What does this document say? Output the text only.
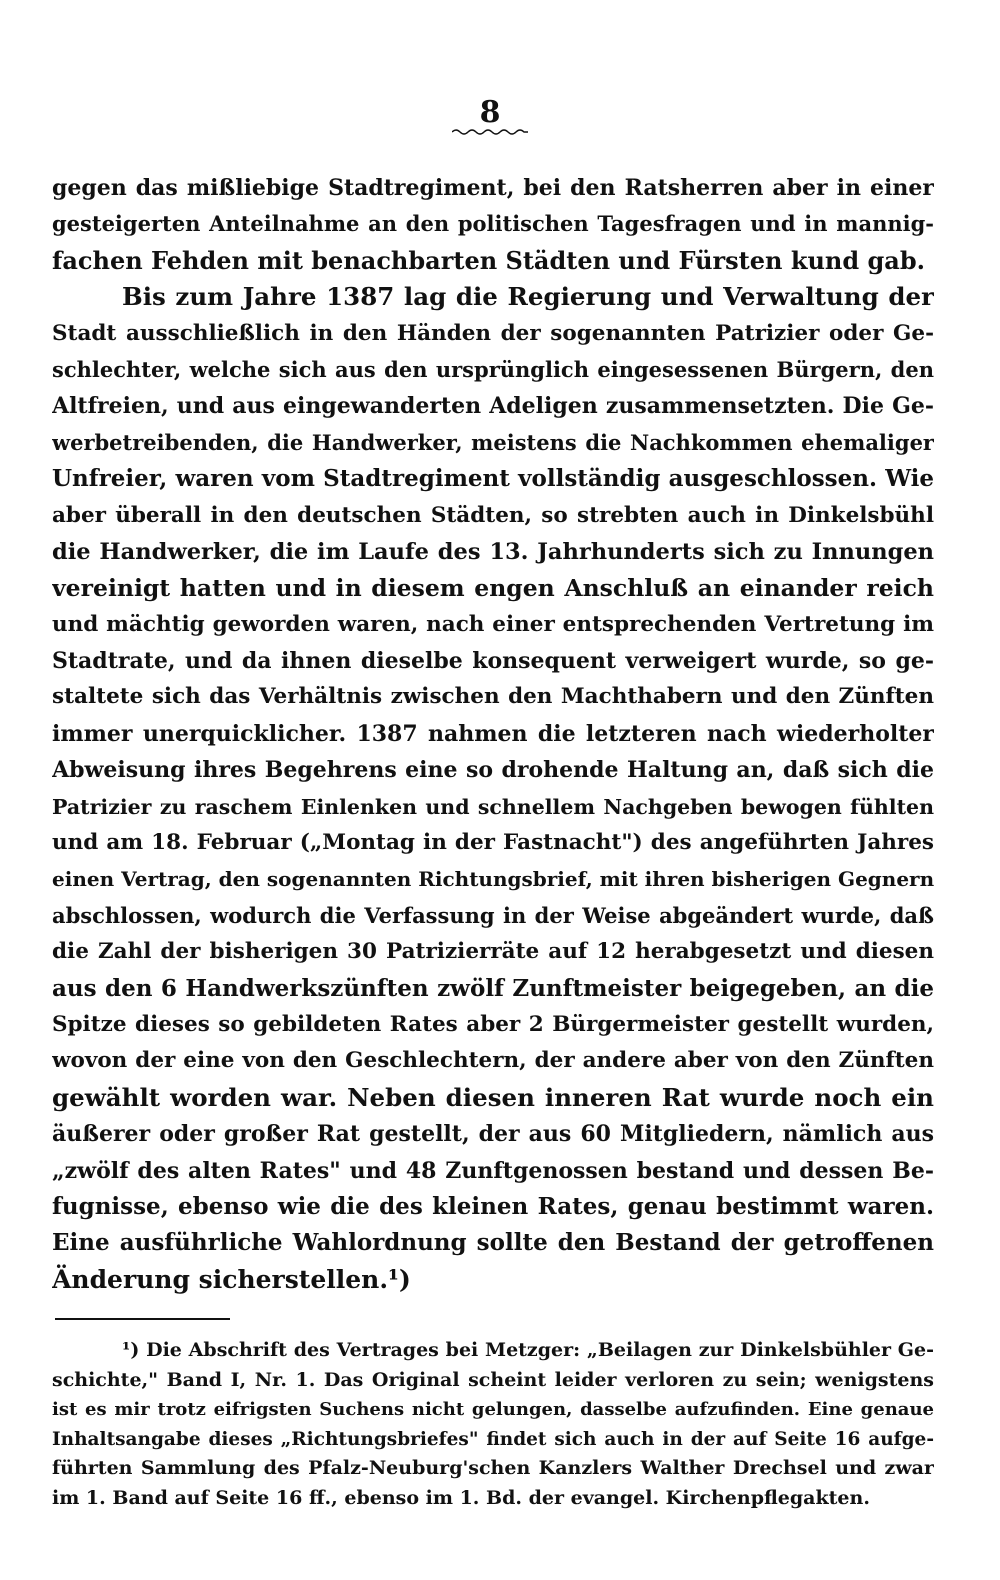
8
gegen das mißliebige Stadtregiment, bei den Ratsherren aber in einer
gesteigerten Anteilnahme an den politischen Tagesfragen und in mannig-
fachen Fehden mit benachbarten Städten und Fürsten kund gab.
Bis zum Jahre 1387 lag die Regierung und Verwaltung der
Stadt ausschließlich in den Händen der sogenannten Patrizier oder Ge-
schlechter, welche sich aus den ursprünglich eingesessenen Bürgern, den
Altfreien, und aus eingewanderten Adeligen zusammensetzten. Die Ge-
werbetreibenden, die Handwerker, meistens die Nachkommen ehemaliger
Unfreier, waren vom Stadtregiment vollständig ausgeschlossen. Wie
aber überall in den deutschen Städten, so strebten auch in Dinkelsbühl
die Handwerker, die im Laufe des 13. Jahrhunderts sich zu Innungen
vereinigt hatten und in diesem engen Anschluß an einander reich
und mächtig geworden waren, nach einer entsprechenden Vertretung im
Stadtrate, und da ihnen dieselbe konsequent verweigert wurde, so ge-
staltete sich das Verhältnis zwischen den Machthabern und den Zünften
immer unerquicklicher. 1387 nahmen die letzteren nach wiederholter
Abweisung ihres Begehrens eine so drohende Haltung an, daß sich die
Patrizier zu raschem Einlenken und schnellem Nachgeben bewogen fühlten
und am 18. Februar („Montag in der Fastnacht") des angeführten Jahres
einen Vertrag, den sogenannten Richtungsbrief, mit ihren bisherigen Gegnern
abschlossen, wodurch die Verfassung in der Weise abgeändert wurde, daß
die Zahl der bisherigen 30 Patrizierräte auf 12 herabgesetzt und diesen
aus den 6 Handwerkszünften zwölf Zunftmeister beigegeben, an die
Spitze dieses so gebildeten Rates aber 2 Bürgermeister gestellt wurden,
wovon der eine von den Geschlechtern, der andere aber von den Zünften
gewählt worden war. Neben diesen inneren Rat wurde noch ein
äußerer oder großer Rat gestellt, der aus 60 Mitgliedern, nämlich aus
„zwölf des alten Rates" und 48 Zunftgenossen bestand und dessen Be-
fugnisse, ebenso wie die des kleinen Rates, genau bestimmt waren.
Eine ausführliche Wahlordnung sollte den Bestand der getroffenen
Änderung sicherstellen.¹)
¹) Die Abschrift des Vertrages bei Metzger: „Beilagen zur Dinkelsbühler Ge-
schichte," Band I, Nr. 1. Das Original scheint leider verloren zu sein; wenigstens
ist es mir trotz eifrigsten Suchens nicht gelungen, dasselbe aufzufinden. Eine genaue
Inhaltsangabe dieses „Richtungsbriefes" findet sich auch in der auf Seite 16 aufge-
führten Sammlung des Pfalz-Neuburg'schen Kanzlers Walther Drechsel und zwar
im 1. Band auf Seite 16 ff., ebenso im 1. Bd. der evangel. Kirchenpflegakten.
